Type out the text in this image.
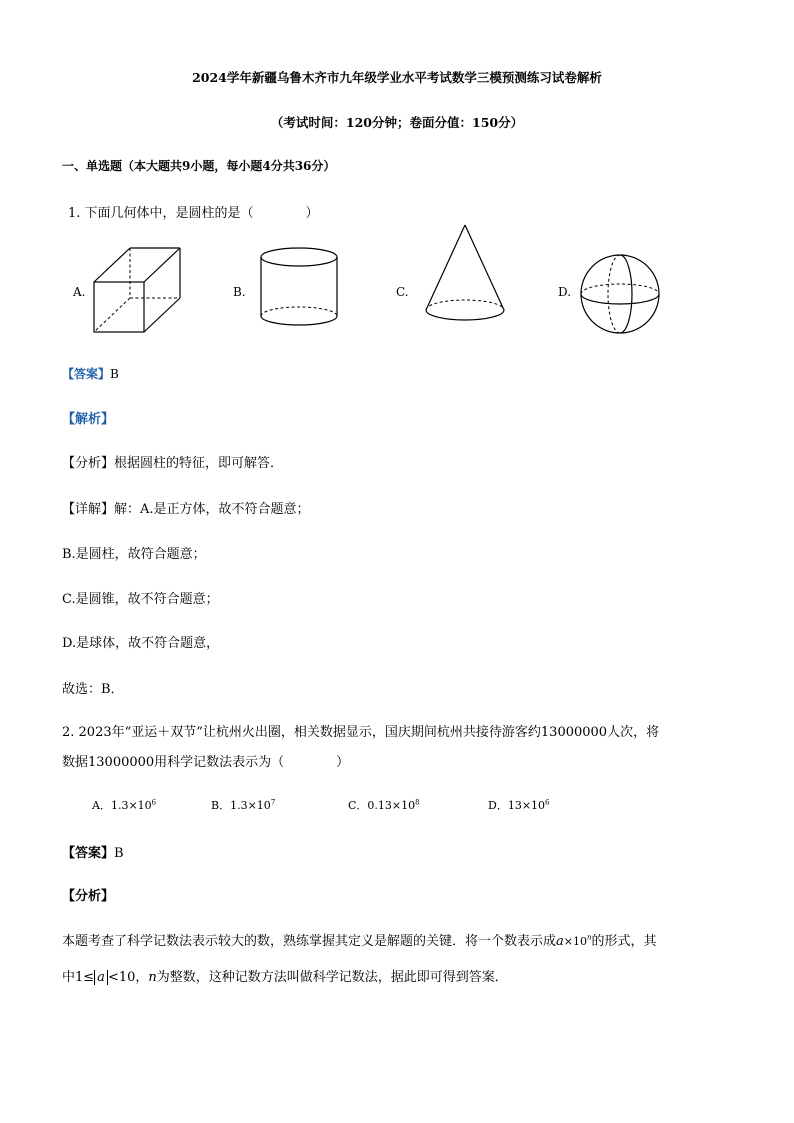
2024学年新疆乌鲁木齐市九年级学业水平考试数学三模预测练习试卷解析
（考试时间：120分钟；卷面分值：150分）
一、单选题（本大题共9小题，每小题4分共36分）
1. 下面几何体中，是圆柱的是（　　　　）
A.	B.	C.	D.
【答案】B
【解析】
【分析】根据圆柱的特征，即可解答．
【详解】解：A.是正方体，故不符合题意；
B.是圆柱，故符合题意；
C.是圆锥，故不符合题意；
D.是球体，故不符合题意，
故选：B．
2. 2023年“亚运＋双节”让杭州火出圈，相关数据显示，国庆期间杭州共接待游客约13000000人次，将
数据13000000用科学记数法表示为（　　　　）
A．$1.3\times 10^6$	B．$1.3\times 10^7$	C．$0.13\times 10^8$	D．$13\times 10^6$
【答案】B
【分析】
本题考查了科学记数法表示较大的数，熟练掌握其定义是解题的关键．将一个数表示成$a\times 10^n$的形式，其
中1≤ a <10，n为整数，这种记数方法叫做科学记数法，据此即可得到答案．
